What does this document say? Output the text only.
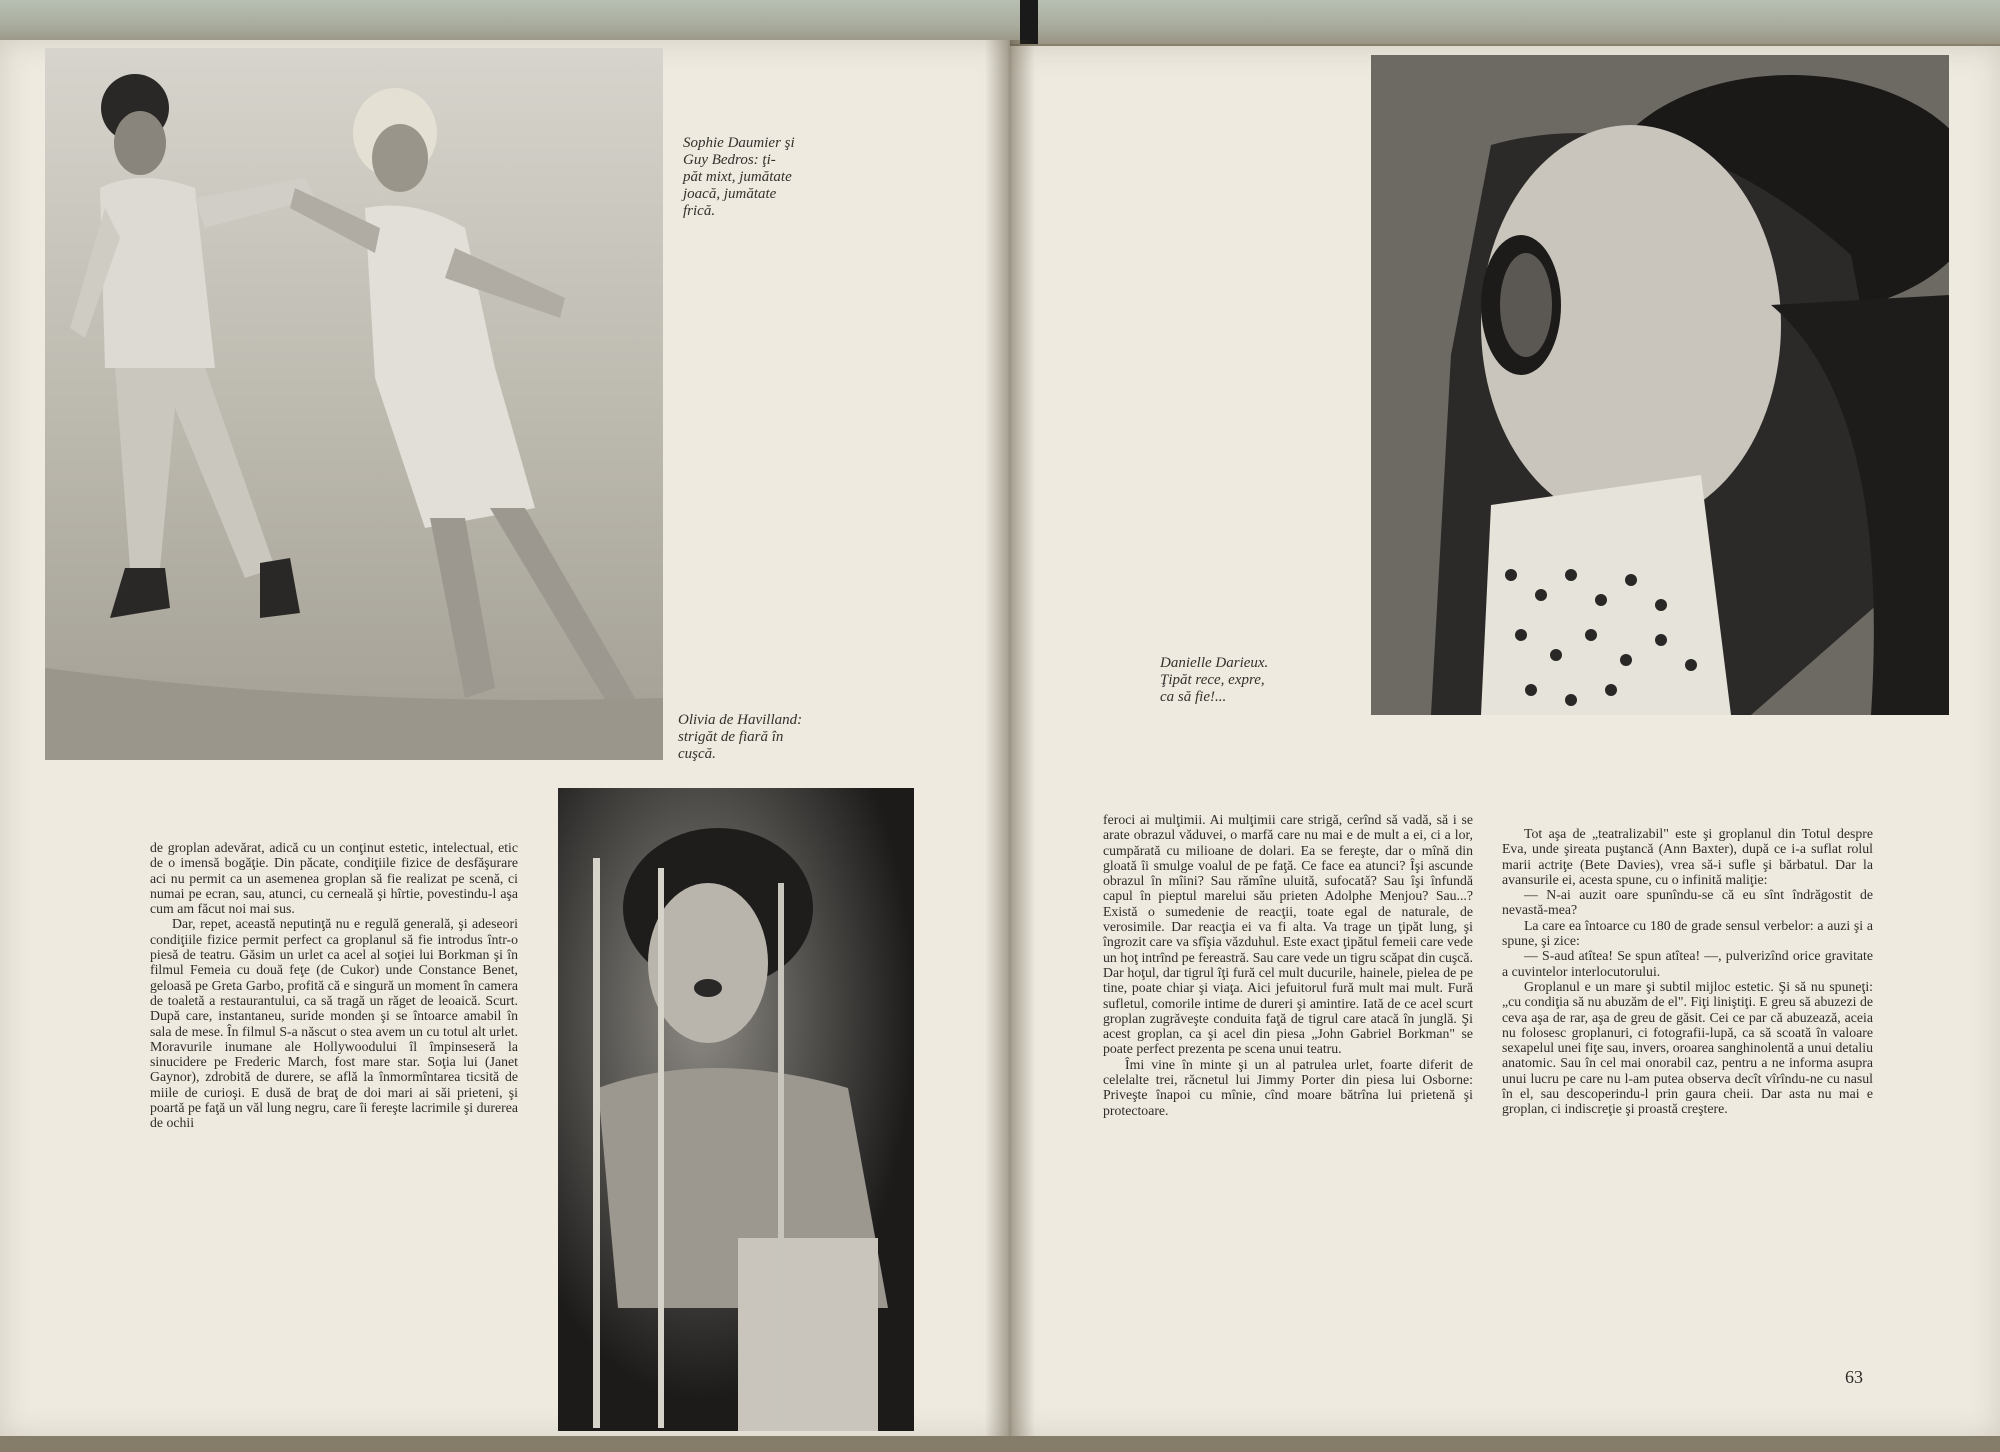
Sophie Daumier şi
Guy Bedros: ţi-
păt mixt, jumătate
joacă, jumătate
frică.
Olivia de Havilland:
strigăt de fiară în
cuşcă.
Danielle Darieux.
Ţipăt rece, expre,
ca să fie!...

de groplan adevărat, adică cu un conţinut estetic, intelectual, etic de o imensă bogăţie. Din păcate, condiţiile fizice de desfăşurare aci nu permit ca un asemenea groplan să fie realizat pe scenă, ci numai pe ecran, sau, atunci, cu cerneală şi hîrtie, povestindu-l aşa cum am făcut noi mai sus.

Dar, repet, această neputinţă nu e regulă generală, şi adeseori condiţiile fizice permit perfect ca groplanul să fie introdus într-o piesă de teatru. Găsim un urlet ca acel al soţiei lui Borkman şi în filmul Femeia cu două feţe (de Cukor) unde Constance Benet, geloasă pe Greta Garbo, profită că e singură un moment în camera de toaletă a restaurantului, ca să tragă un răget de leoaică. Scurt. După care, instantaneu, suride monden şi se întoarce amabil în sala de mese. În filmul S-a născut o stea avem un cu totul alt urlet. Moravurile inumane ale Hollywoodului îl împinseseră la sinucidere pe Frederic March, fost mare star. Soţia lui (Janet Gaynor), zdrobită de durere, se află la înmormîntarea ticsită de miile de curioşi. E dusă de braţ de doi mari ai săi prieteni, şi poartă pe faţă un văl lung negru, care îi fereşte lacrimile şi durerea de ochii

feroci ai mulţimii. Ai mulţimii care strigă, cerînd să vadă, să i se arate obrazul văduvei, o marfă care nu mai e de mult a ei, ci a lor, cumpărată cu milioane de dolari. Ea se fereşte, dar o mînă din gloată îi smulge voalul de pe faţă. Ce face ea atunci? Îşi ascunde obrazul în mîini? Sau rămîne uluită, sufocată? Sau îşi înfundă capul în pieptul marelui său prieten Adolphe Menjou? Sau...? Există o sumedenie de reacţii, toate egal de naturale, de verosimile. Dar reacţia ei va fi alta. Va trage un ţipăt lung, şi îngrozit care va sfîşia văzduhul. Este exact ţipătul femeii care vede un hoţ intrînd pe fereastră. Sau care vede un tigru scăpat din cuşcă. Dar hoţul, dar tigrul îţi fură cel mult ducurile, hainele, pielea de pe tine, poate chiar şi viaţa. Aici jefuitorul fură mult mai mult. Fură sufletul, comorile intime de dureri şi amintire. Iată de ce acel scurt groplan zugrăveşte conduita faţă de tigrul care atacă în junglă. Şi acest groplan, ca şi acel din piesa „John Gabriel Borkman" se poate perfect prezenta pe scena unui teatru.

Îmi vine în minte şi un al patrulea urlet, foarte diferit de celelalte trei, răcnetul lui Jimmy Porter din piesa lui Osborne: Priveşte înapoi cu mînie, cînd moare bătrîna lui prietenă şi protectoare.

Tot aşa de „teatralizabil" este şi groplanul din Totul despre Eva, unde şireata puştancă (Ann Baxter), după ce i-a suflat rolul marii actriţe (Bete Davies), vrea să-i sufle şi bărbatul. Dar la avansurile ei, acesta spune, cu o infinită maliţie:

— N-ai auzit oare spunîndu-se că eu sînt îndrăgostit de nevastă-mea?

La care ea întoarce cu 180 de grade sensul verbelor: a auzi şi a spune, şi zice:

— S-aud atîtea! Se spun atîtea! —, pulverizînd orice gravitate a cuvintelor interlocutorului.

Groplanul e un mare şi subtil mijloc estetic. Şi să nu spuneţi: „cu condiţia să nu abuzăm de el". Fiţi liniştiţi. E greu să abuzezi de ceva aşa de rar, aşa de greu de găsit. Cei ce par că abuzează, aceia nu folosesc groplanuri, ci fotografii-lupă, ca să scoată în valoare sexapelul unei fiţe sau, invers, oroarea sanghinolentă a unui detaliu anatomic. Sau în cel mai onorabil caz, pentru a ne informa asupra unui lucru pe care nu l-am putea observa decît vîrîndu-ne cu nasul în el, sau descoperindu-l prin gaura cheii. Dar asta nu mai e groplan, ci indiscreţie şi proastă creştere.

63
